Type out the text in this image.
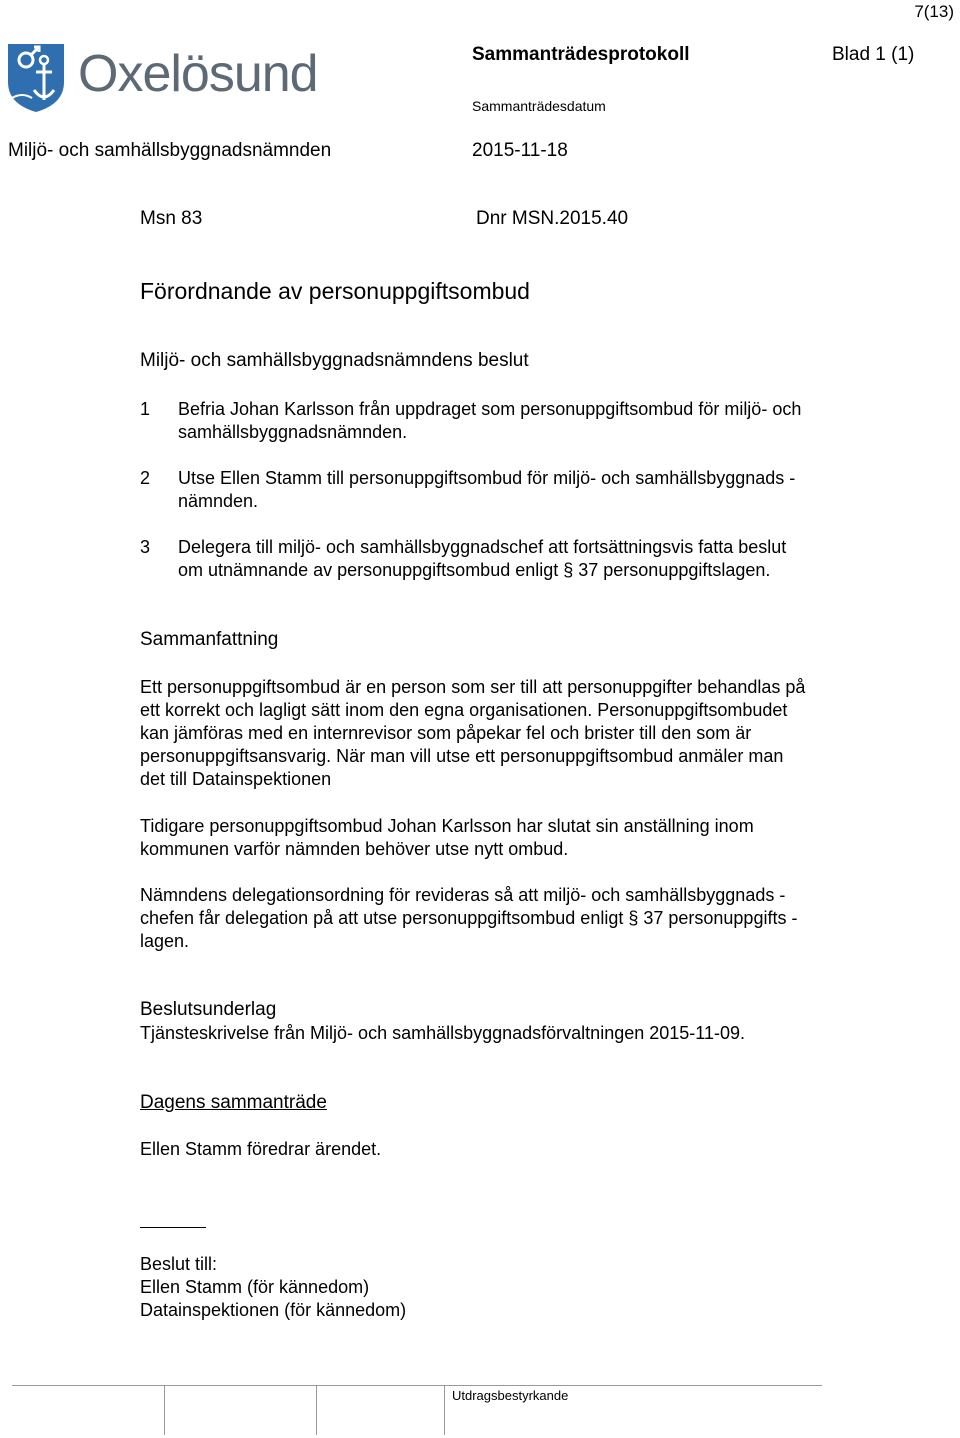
7(13)
Oxelösund	Sammanträdesprotokoll	Blad 1 (1)
Sammanträdesdatum
Miljö- och samhällsbyggnadsnämnden	2015-11-18
Msn 83	Dnr MSN.2015.40
Förordnande av personuppgiftsombud
Miljö- och samhällsbyggnadsnämndens beslut
1 Befria Johan Karlsson från uppdraget som personuppgiftsombud för miljö- och
samhällsbyggnadsnämnden.
2 Utse Ellen Stamm till personuppgiftsombud för miljö- och samhällsbyggnads -
nämnden.
3 Delegera till miljö- och samhällsbyggnadschef att fortsättningsvis fatta beslut
om utnämnande av personuppgiftsombud enligt § 37 personuppgiftslagen.
Sammanfattning
Ett personuppgiftsombud är en person som ser till att personuppgifter behandlas på
ett korrekt och lagligt sätt inom den egna organisationen. Personuppgiftsombudet
kan jämföras med en internrevisor som påpekar fel och brister till den som är
personuppgiftsansvarig. När man vill utse ett personuppgiftsombud anmäler man
det till Datainspektionen
Tidigare personuppgiftsombud Johan Karlsson har slutat sin anställning inom
kommunen varför nämnden behöver utse nytt ombud.
Nämndens delegationsordning för revideras så att miljö- och samhällsbyggnads -
chefen får delegation på att utse personuppgiftsombud enligt § 37 personuppgifts -
lagen.
Beslutsunderlag
Tjänsteskrivelse från Miljö- och samhällsbyggnadsförvaltningen 2015-11-09.
Dagens sammanträde
Ellen Stamm föredrar ärendet.
Beslut till:
Ellen Stamm (för kännedom)
Datainspektionen (för kännedom)
Utdragsbestyrkande
